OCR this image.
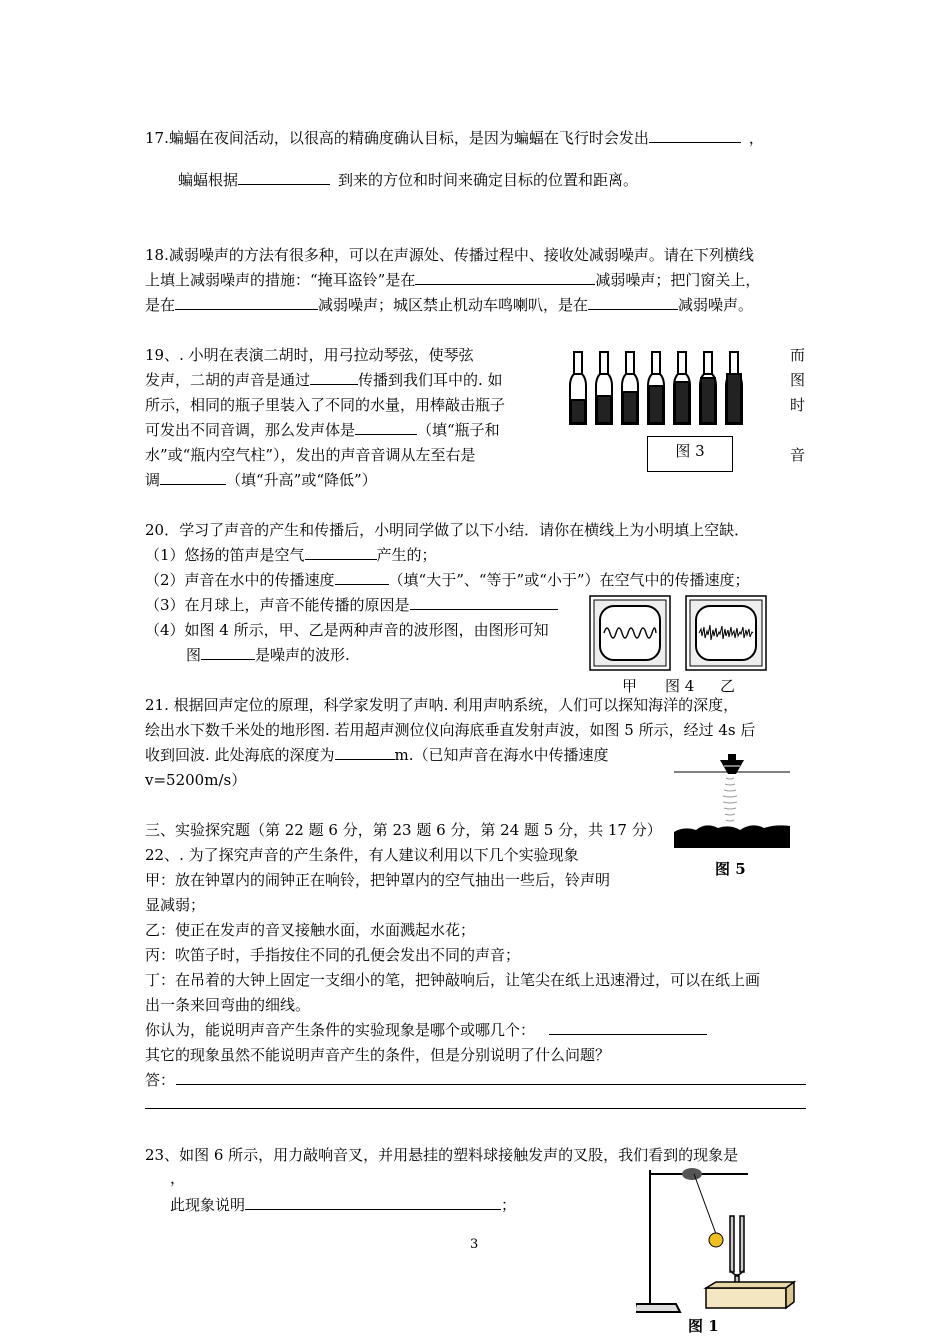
17.蝙蝠在夜间活动，以很高的精确度确认目标，是因为蝙蝠在飞行时会发出	，
蝙蝠根据	到来的方位和时间来确定目标的位置和距离。
18.减弱噪声的方法有很多种，可以在声源处、传播过程中、接收处减弱噪声。请在下列横线
上填上减弱噪声的措施：“掩耳盗铃”是在	减弱噪声；把门窗关上，
是在	减弱噪声；城区禁止机动车鸣喇叭，是在	减弱噪声。
19、. 小明在表演二胡时，用弓拉动琴弦，使琴弦
发声，二胡的声音是通过	传播到我们耳中的. 如
所示，相同的瓶子里装入了不同的水量，用棒敲击瓶子
可发出不同音调，那么发声体是	（填“瓶子和
水”或“瓶内空气柱”），发出的声音音调从左至右是
调	（填“升高”或“降低”）
而
图
时
音
图 3
20．学习了声音的产生和传播后，小明同学做了以下小结．请你在横线上为小明填上空缺．
（1）悠扬的笛声是空气	产生的；
（2）声音在水中的传播速度	（填“大于”、“等于”或“小于”）在空气中的传播速度；
（3）在月球上，声音不能传播的原因是
（4）如图 4 所示，甲、乙是两种声音的波形图，由图形可知
图	是噪声的波形.
甲 图 4 乙
21. 根据回声定位的原理，科学家发明了声呐. 利用声呐系统，人们可以探知海洋的深度，
绘出水下数千米处的地形图. 若用超声测位仪向海底垂直发射声波，如图 5 所示，经过 4s 后
收到回波. 此处海底的深度为	m.（已知声音在海水中传播速度
v=5200m/s）
图 5
三、实验探究题（第 22 题 6 分，第 23 题 6 分，第 24 题 5 分，共 17 分）
22、. 为了探究声音的产生条件，有人建议利用以下几个实验现象
甲：放在钟罩内的闹钟正在响铃，把钟罩内的空气抽出一些后，铃声明
显减弱；
乙：使正在发声的音叉接触水面，水面溅起水花；
丙：吹笛子时，手指按住不同的孔便会发出不同的声音；
丁：在吊着的大钟上固定一支细小的笔，把钟敲响后，让笔尖在纸上迅速滑过，可以在纸上画
出一条来回弯曲的细线。
你认为，能说明声音产生条件的实验现象是哪个或哪几个：
其它的现象虽然不能说明声音产生的条件，但是分别说明了什么问题？
答：
23、如图 6 所示，用力敲响音叉，并用悬挂的塑料球接触发声的叉股，我们看到的现象是
，
此现象说明	；
图 1
3
